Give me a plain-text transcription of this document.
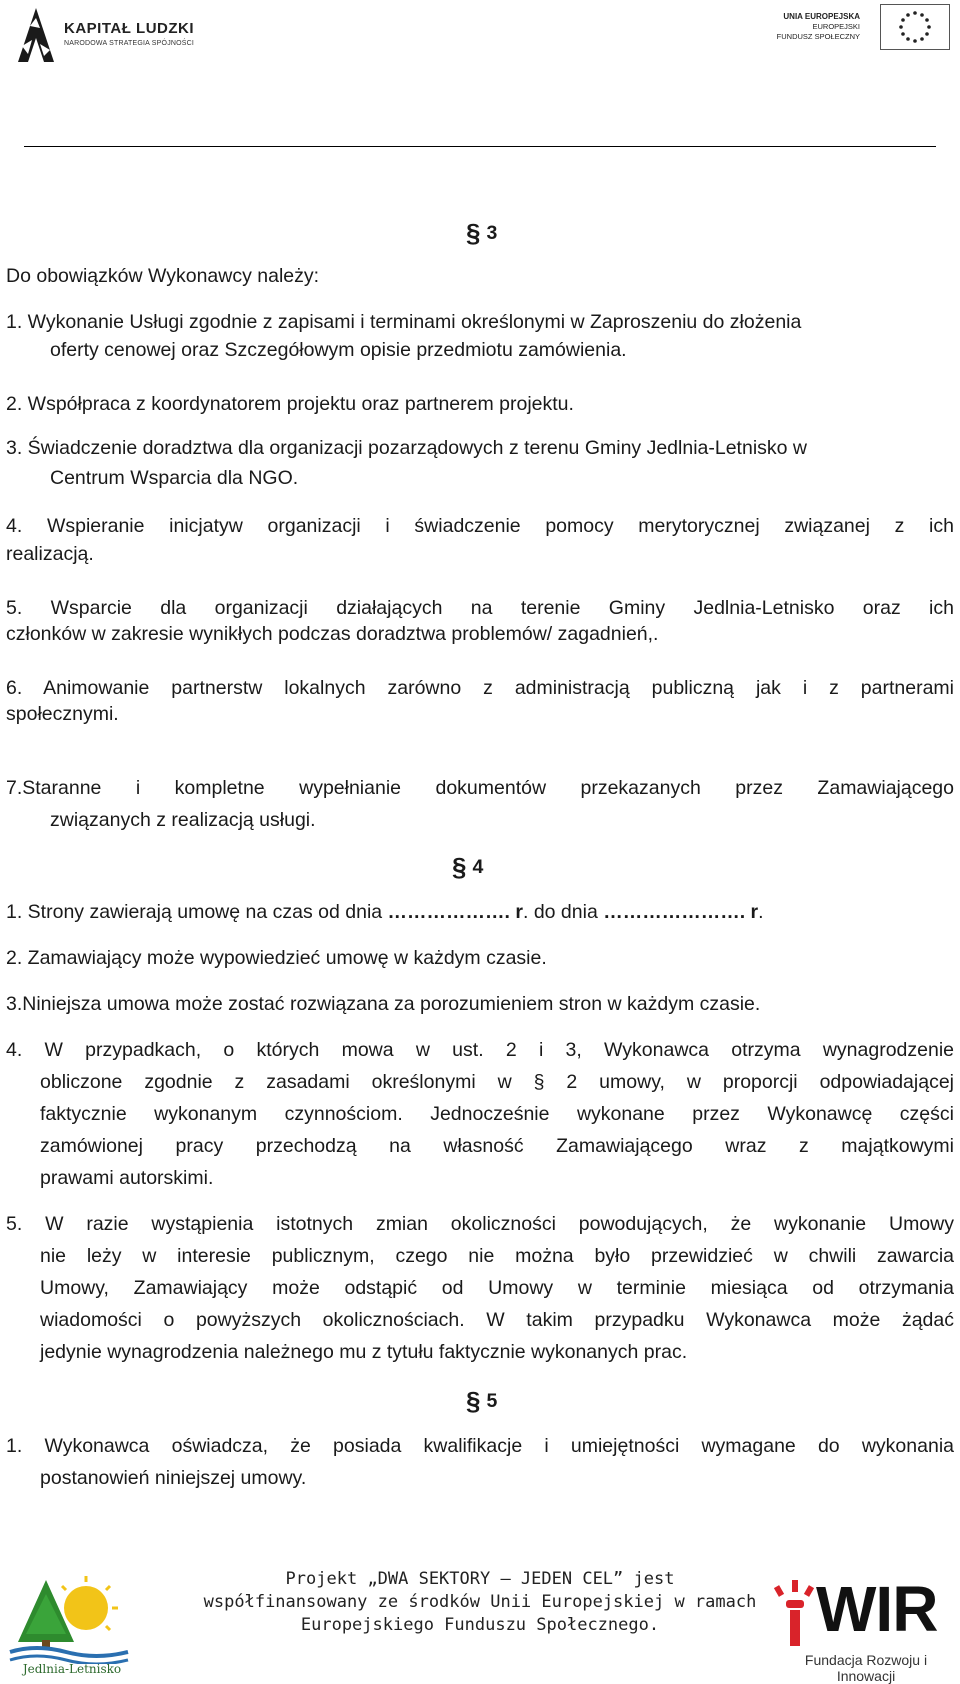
KAPITAŁ LUDZKI
NARODOWA STRATEGIA SPÓJNOŚCI
UNIA EUROPEJSKA
EUROPEJSKI
FUNDUSZ SPOŁECZNY
§ 3
Do obowiązków Wykonawcy należy:
1. Wykonanie Usługi zgodnie z zapisami i terminami określonymi w Zaproszeniu do złożenia
oferty cenowej oraz Szczegółowym opisie przedmiotu zamówienia.
2. Współpraca z koordynatorem projektu oraz partnerem projektu.
3. Świadczenie doradztwa dla organizacji pozarządowych z terenu Gminy Jedlnia-Letnisko w
Centrum Wsparcia dla NGO.
4. Wspieranie inicjatyw organizacji i świadczenie pomocy merytorycznej związanej z ich
realizacją.
5. Wsparcie dla organizacji działających na terenie Gminy Jedlnia-Letnisko oraz ich
członków w zakresie wynikłych podczas doradztwa problemów/ zagadnień,.
6. Animowanie partnerstw lokalnych zarówno z administracją publiczną jak i z partnerami
społecznymi.
7.Staranne i kompletne wypełnianie dokumentów przekazanych przez Zamawiającego
związanych z realizacją usługi.
§ 4
1. Strony zawierają umowę na czas od dnia ………………. r. do dnia …………………. r.
2. Zamawiający może wypowiedzieć umowę w każdym czasie.
3.Niniejsza umowa może zostać rozwiązana za porozumieniem stron w każdym czasie.
4. W przypadkach, o których mowa w ust. 2 i 3, Wykonawca otrzyma wynagrodzenie
obliczone zgodnie z zasadami określonymi w § 2 umowy, w proporcji odpowiadającej
faktycznie wykonanym czynnościom. Jednocześnie wykonane przez Wykonawcę części
zamówionej pracy przechodzą na własność Zamawiającego wraz z majątkowymi
prawami autorskimi.
5. W razie wystąpienia istotnych zmian okoliczności powodujących, że wykonanie Umowy
nie leży w interesie publicznym, czego nie można było przewidzieć w chwili zawarcia
Umowy, Zamawiający może odstąpić od Umowy w terminie miesiąca od otrzymania
wiadomości o powyższych okolicznościach. W takim przypadku Wykonawca może żądać
jedynie wynagrodzenia należnego mu z tytułu faktycznie wykonanych prac.
§ 5
1. Wykonawca oświadcza, że posiada kwalifikacje i umiejętności wymagane do wykonania
postanowień niniejszej umowy.
Jedlnia-Letnisko
Projekt „DWA SEKTORY – JEDEN CEL” jest
współfinansowany ze środków Unii Europejskiej w ramach
Europejskiego Funduszu Społecznego.	WIR
Fundacja Rozwoju i Innowacji
